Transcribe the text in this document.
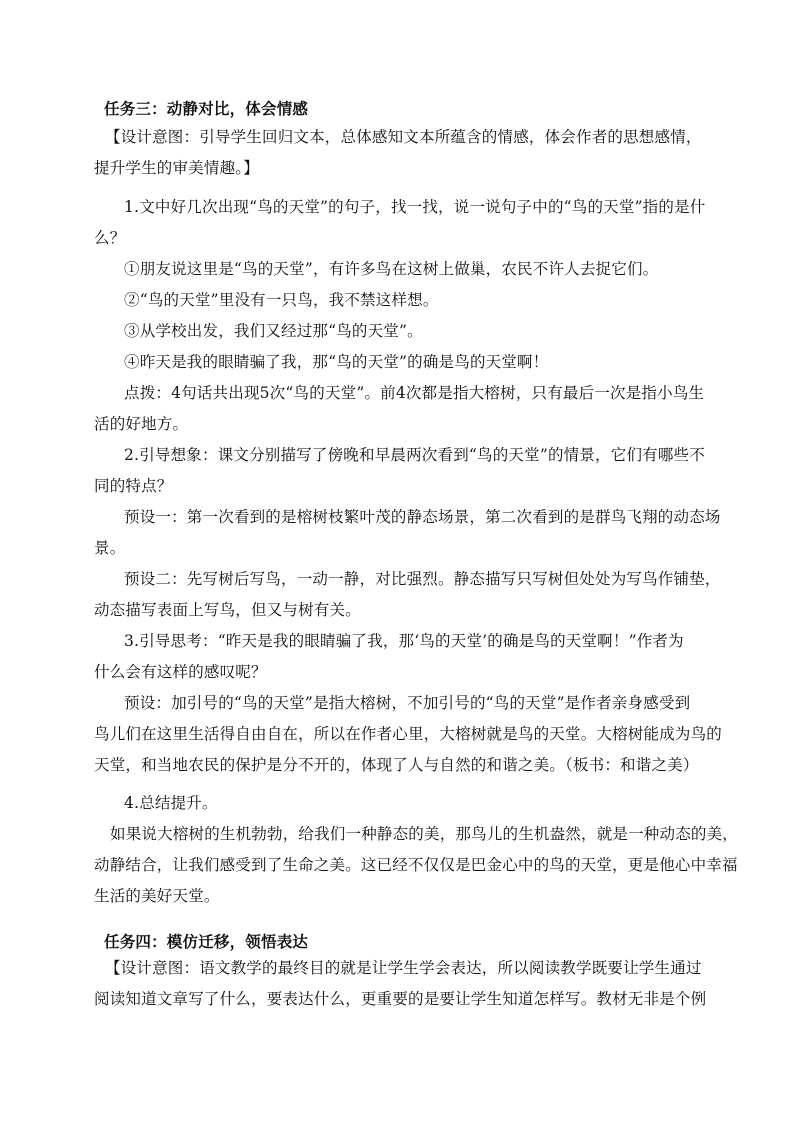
任务三：动静对比，体会情感
【设计意图：引导学生回归文本，总体感知文本所蕴含的情感，体会作者的思想感情，
提升学生的审美情趣。】
1.文中好几次出现“鸟的天堂”的句子，找一找，说一说句子中的“鸟的天堂”指的是什
么？
①朋友说这里是“鸟的天堂”，有许多鸟在这树上做巢，农民不许人去捉它们。
②“鸟的天堂”里没有一只鸟，我不禁这样想。
③从学校出发，我们又经过那“鸟的天堂”。
④昨天是我的眼睛骗了我，那“鸟的天堂”的确是鸟的天堂啊！
点拨：4句话共出现5次“鸟的天堂”。前4次都是指大榕树，只有最后一次是指小鸟生
活的好地方。
2.引导想象：课文分别描写了傍晚和早晨两次看到“鸟的天堂”的情景，它们有哪些不
同的特点？
预设一：第一次看到的是榕树枝繁叶茂的静态场景，第二次看到的是群鸟飞翔的动态场
景。
预设二：先写树后写鸟，一动一静，对比强烈。静态描写只写树但处处为写鸟作铺垫，
动态描写表面上写鸟，但又与树有关。
3.引导思考：“昨天是我的眼睛骗了我，那‘鸟的天堂’的确是鸟的天堂啊！”作者为
什么会有这样的感叹呢？
预设：加引号的“鸟的天堂”是指大榕树，不加引号的“鸟的天堂”是作者亲身感受到
鸟儿们在这里生活得自由自在，所以在作者心里，大榕树就是鸟的天堂。大榕树能成为鸟的
天堂，和当地农民的保护是分不开的，体现了人与自然的和谐之美。（板书：和谐之美）
4.总结提升。
如果说大榕树的生机勃勃，给我们一种静态的美，那鸟儿的生机盎然，就是一种动态的美，
动静结合，让我们感受到了生命之美。这已经不仅仅是巴金心中的鸟的天堂，更是他心中幸福
生活的美好天堂。
任务四：模仿迁移，领悟表达
【设计意图：语文教学的最终目的就是让学生学会表达，所以阅读教学既要让学生通过
阅读知道文章写了什么，要表达什么，更重要的是要让学生知道怎样写。教材无非是个例
